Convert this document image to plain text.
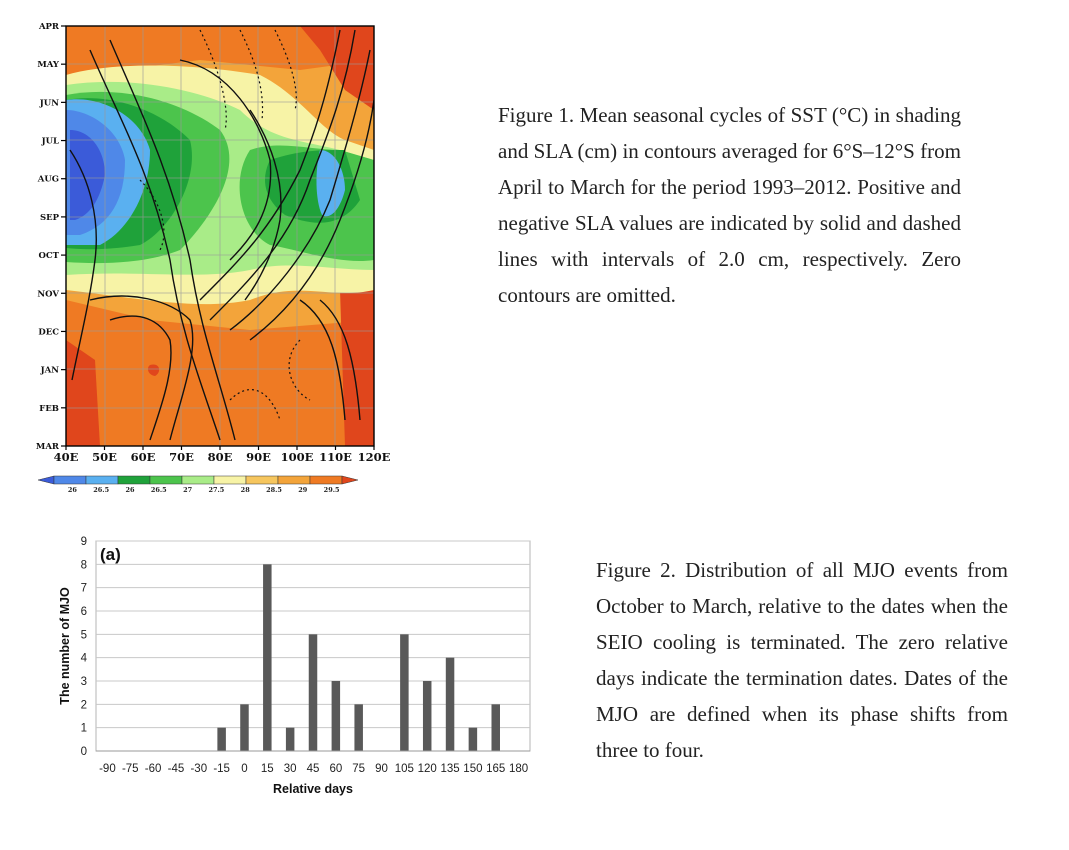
APR
MAY
JUN
JUL
AUG
SEP
OCT
NOV
DEC
JAN
FEB
MAR
40E 50E 60E 70E 80E 90E 100E 110E 120E
26	26.5	26	26.5	27	27.5	28	28.5	29	29.5
Figure 1. Mean seasonal cycles of SST (°C) in shading and SLA (cm) in contours averaged for 6°S–12°S from April to March for the period 1993–2012. Positive and negative SLA values are indicated by solid and dashed lines with intervals of 2.0 cm, respectively. Zero contours are omitted.
0
1
2
3
4
5
6
7
8
9
-90 -75 -60 -45 -30 -15 0 15 30 45 60 75 90 105 120 135 150 165 180
(a)
Relative days
The number of MJO
Figure 2. Distribution of all MJO events from October to March, relative to the dates when the SEIO cooling is terminated. The zero relative days indicate the termination dates. Dates of the MJO are defined when its phase shifts from three to four.
